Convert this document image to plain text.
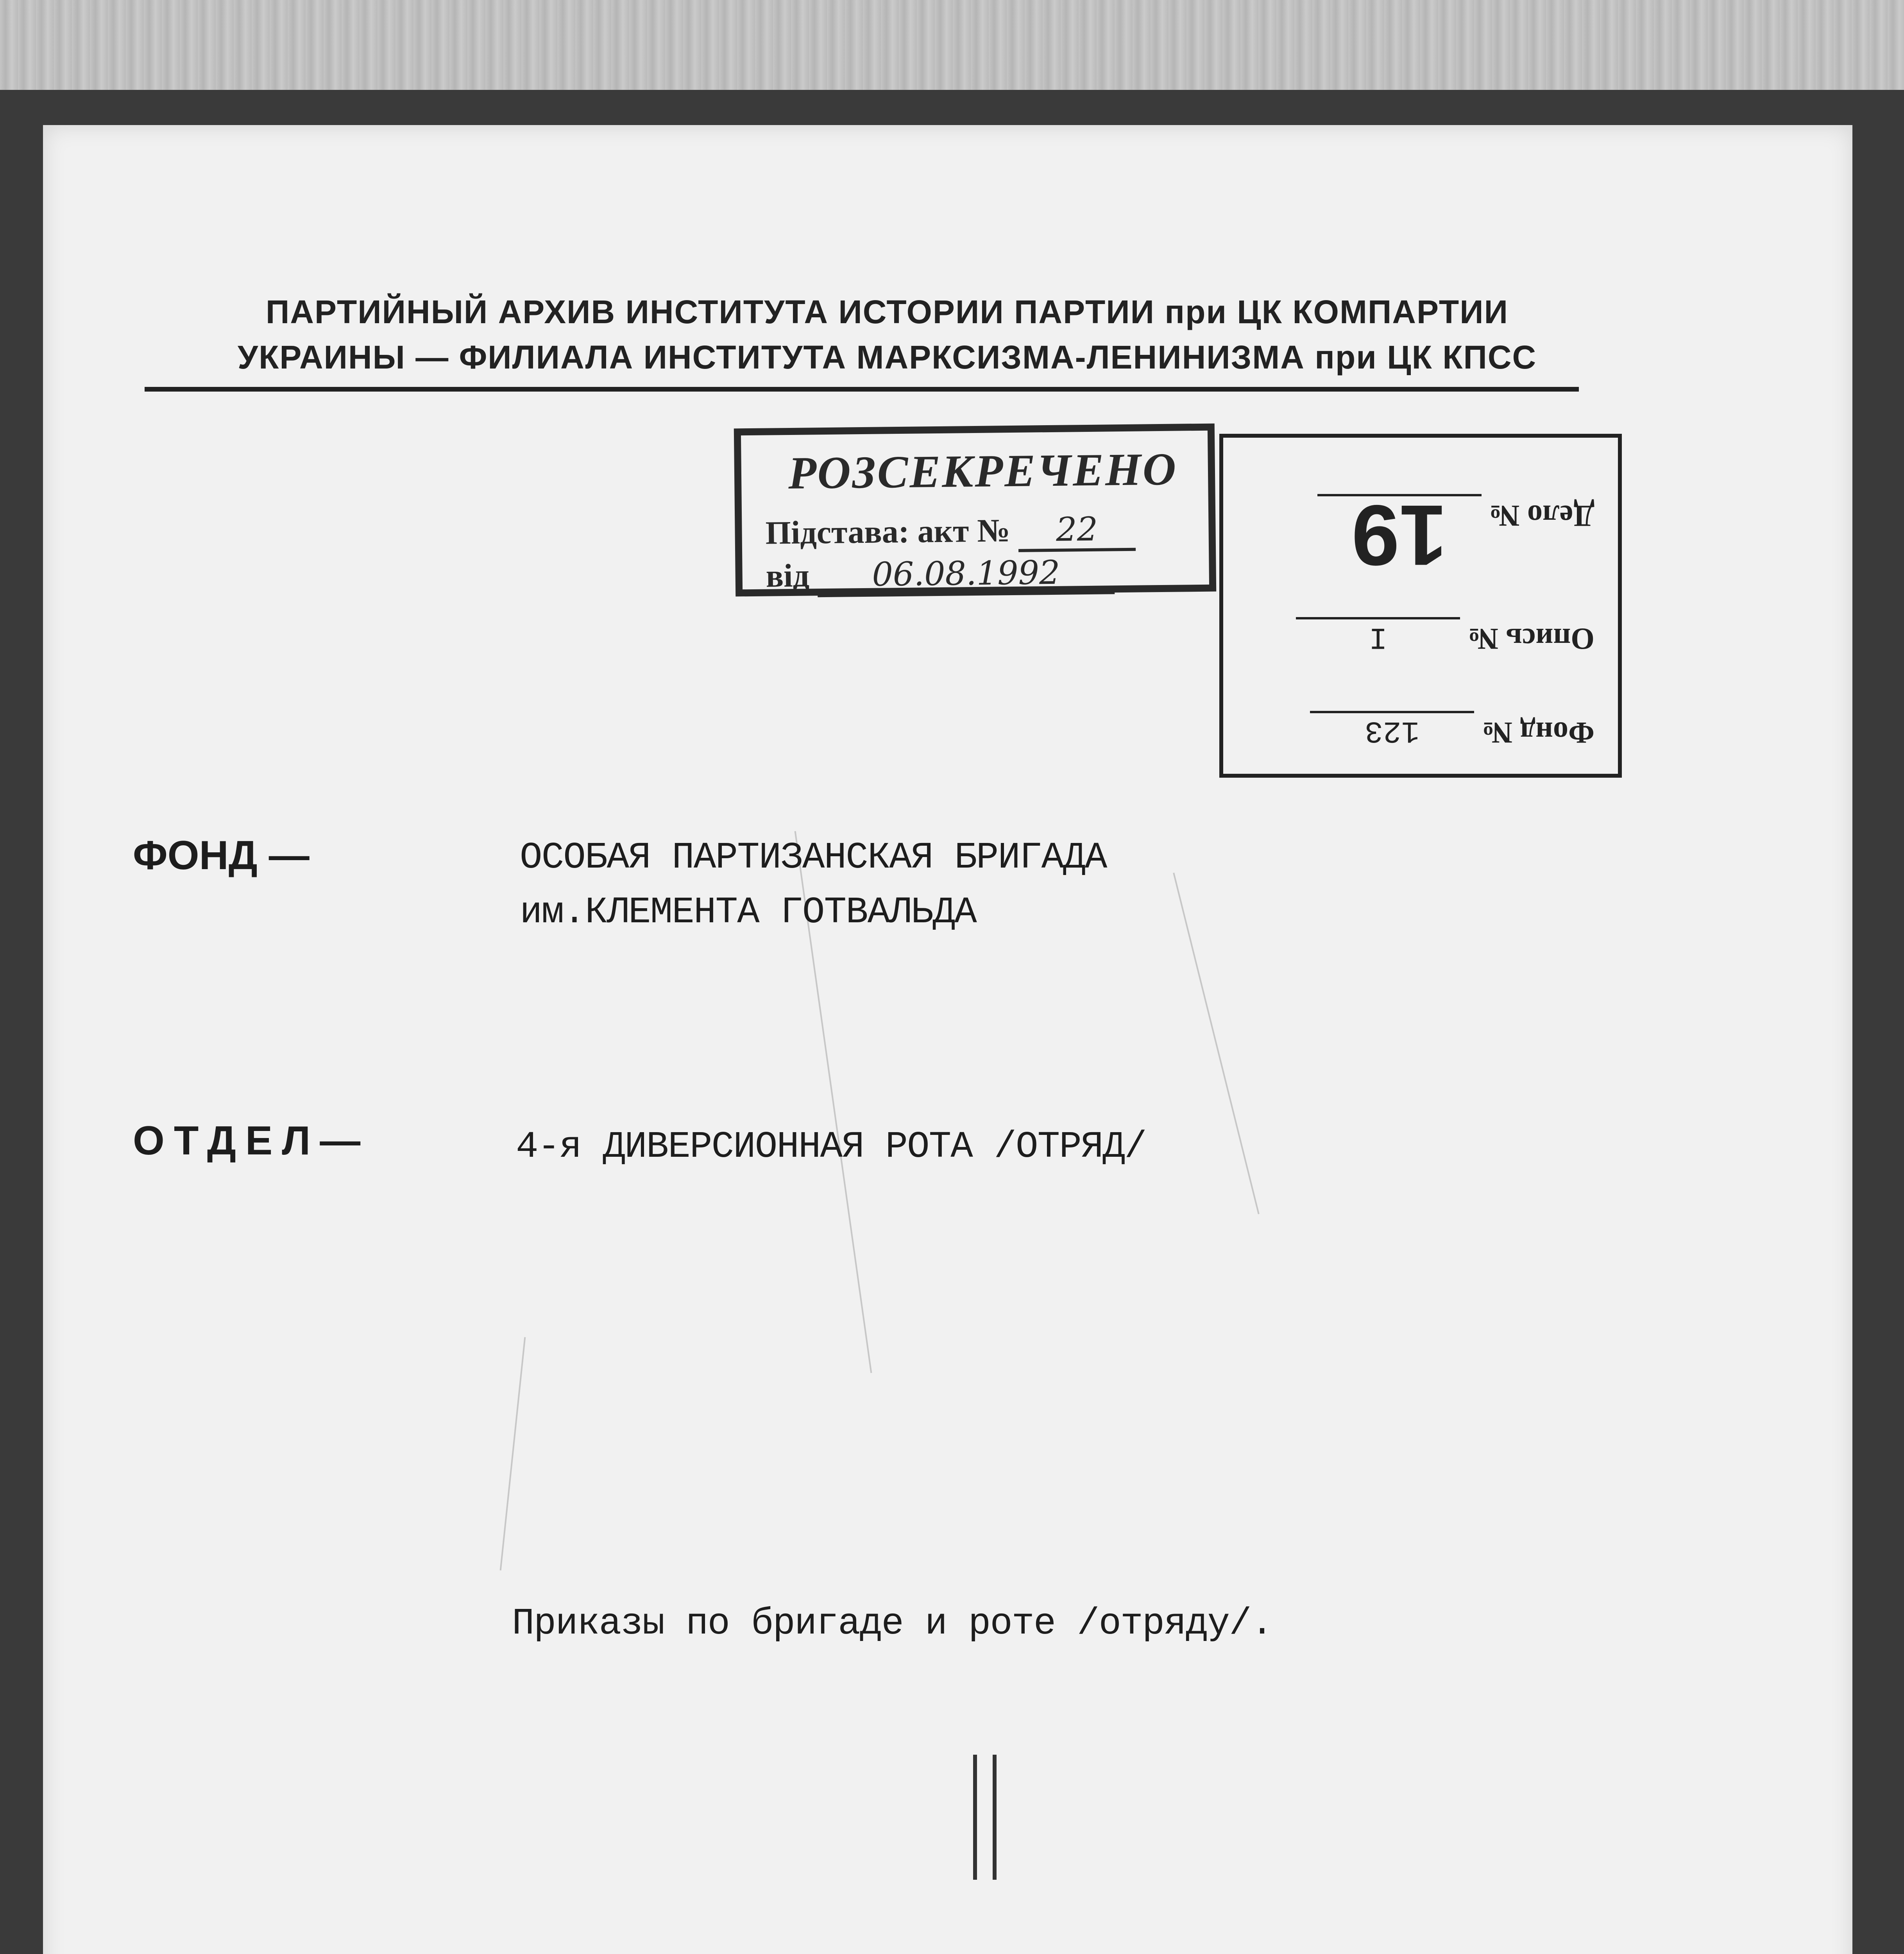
ПАРТИЙНЫЙ АРХИВ ИНСТИТУТА ИСТОРИИ ПАРТИИ при ЦК КОМПАРТИИ
УКРАИНЫ — ФИЛИАЛА ИНСТИТУТА МАРКСИЗМА-ЛЕНИНИЗМА при ЦК КПСС
РОЗСЕКРЕЧЕНО
Підстава: акт № 22
від 06.08.1992
Фонд № 123
Опись № I
Дело № 19
ФОНД —	ОСОБАЯ ПАРТИЗАНСКАЯ БРИГАДА
им.КЛЕМЕНТА ГОТВАЛЬДА
ОТДЕЛ—	4-я ДИВЕРСИОННАЯ РОТА /ОТРЯД/
Приказы по бригаде и роте /отряду/.
